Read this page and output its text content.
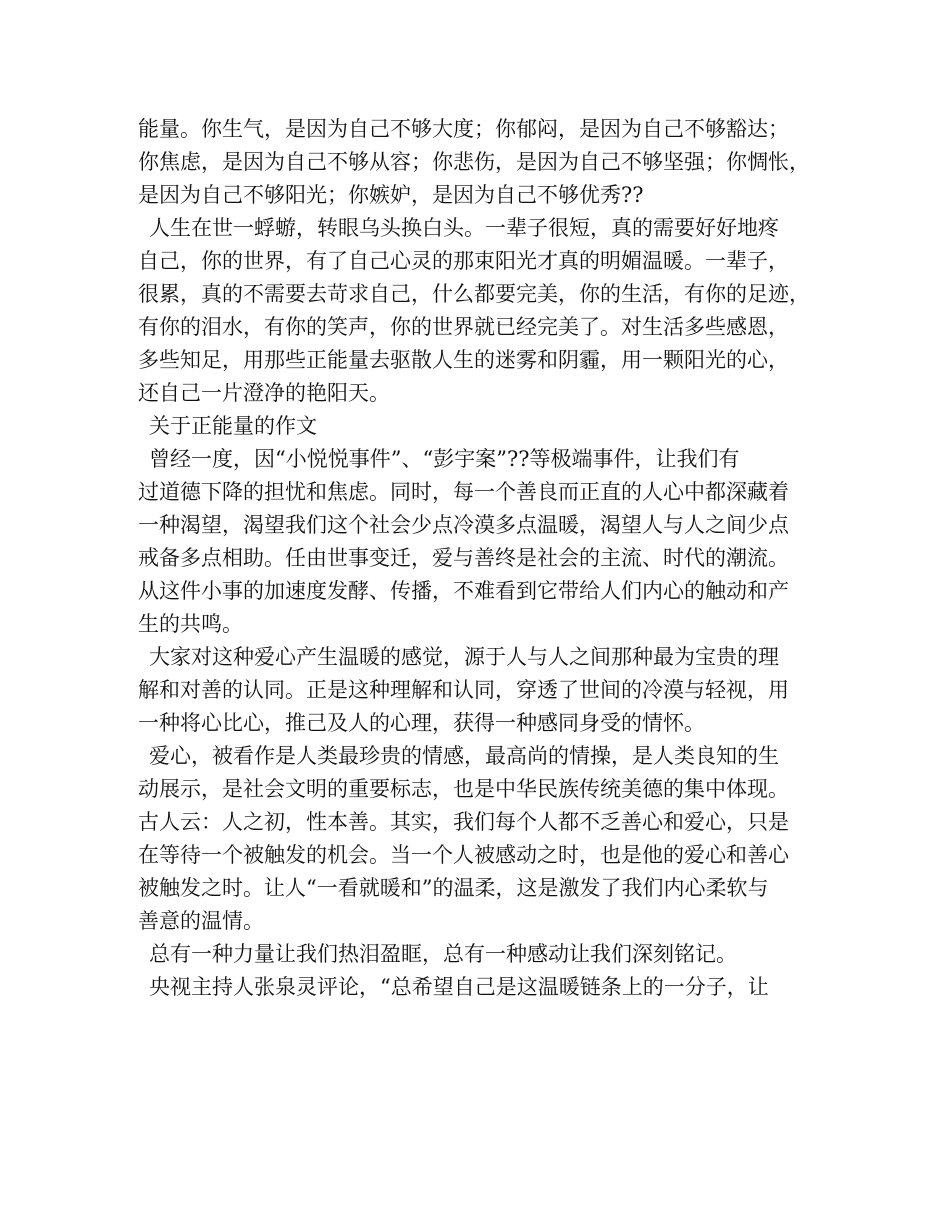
能量。你生气，是因为自己不够大度；你郁闷，是因为自己不够豁达；
你焦虑，是因为自己不够从容；你悲伤，是因为自己不够坚强；你惆怅，
是因为自己不够阳光；你嫉妒，是因为自己不够优秀??
人生在世一蜉蝣，转眼乌头换白头。一辈子很短，真的需要好好地疼
自己，你的世界，有了自己心灵的那束阳光才真的明媚温暖。一辈子，
很累，真的不需要去苛求自己，什么都要完美，你的生活，有你的足迹，
有你的泪水，有你的笑声，你的世界就已经完美了。对生活多些感恩，
多些知足，用那些正能量去驱散人生的迷雾和阴霾，用一颗阳光的心，
还自己一片澄净的艳阳天。
关于正能量的作文
曾经一度，因“小悦悦事件”、“彭宇案”??等极端事件，让我们有
过道德下降的担忧和焦虑。同时，每一个善良而正直的人心中都深藏着
一种渴望，渴望我们这个社会少点冷漠多点温暖，渴望人与人之间少点
戒备多点相助。任由世事变迁，爱与善终是社会的主流、时代的潮流。
从这件小事的加速度发酵、传播，不难看到它带给人们内心的触动和产
生的共鸣。
大家对这种爱心产生温暖的感觉，源于人与人之间那种最为宝贵的理
解和对善的认同。正是这种理解和认同，穿透了世间的冷漠与轻视，用
一种将心比心，推己及人的心理，获得一种感同身受的情怀。
爱心，被看作是人类最珍贵的情感，最高尚的情操，是人类良知的生
动展示，是社会文明的重要标志，也是中华民族传统美德的集中体现。
古人云：人之初，性本善。其实，我们每个人都不乏善心和爱心，只是
在等待一个被触发的机会。当一个人被感动之时，也是他的爱心和善心
被触发之时。让人“一看就暖和”的温柔，这是激发了我们内心柔软与
善意的温情。
总有一种力量让我们热泪盈眶，总有一种感动让我们深刻铭记。
央视主持人张泉灵评论，“总希望自己是这温暖链条上的一分子，让
